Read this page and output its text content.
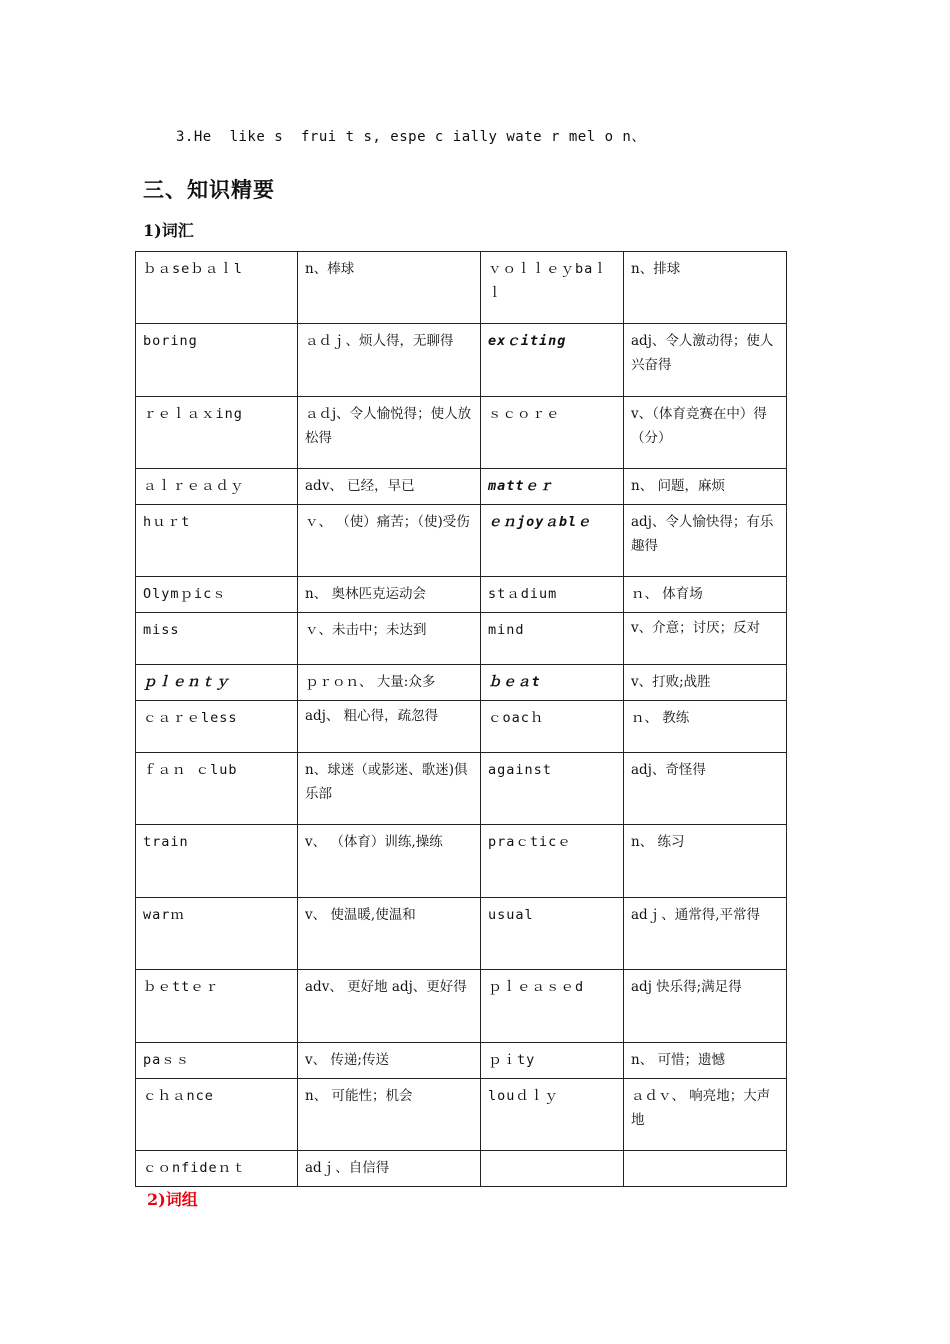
3.He  like s  frui t s, espe c ially wate r mel o n、
三、知识精要
1)词汇
ｂａseｂａｌl	n、棒球	ｖｏｌｌｅｙbaｌｌ	n、排球
boring	ａｄｊ、烦人得，无聊得	exｃiting	adj、令人激动得；使人兴奋得
ｒｅｌａｘing	ａｄj、令人愉悦得；使人放松得	ｓｃｏｒｅ	v、（体育竞赛在中）得（分）
ａｌｒｅａｄｙ	adv、 已经，早已	mattｅｒ	n、 问题，麻烦
hｕｒt	ｖ、 （使）痛苦；（使)受伤	ｅｎjoyａblｅ	adj、令人愉快得；有乐趣得
Olymｐicｓ	n、 奥林匹克运动会	stａdium	ｎ、 体育场
miss	ｖ、未击中；未达到	mind	v、介意；讨厌；反对
ｐｌｅｎｔｙ	ｐｒｏｎ、 大量:众多	ｂｅａt	v、打败;战胜
ｃａｒｅless	adj、 粗心得，疏忽得	ｃoacｈ	ｎ、 教练
ｆａｎ ｃlub	n、球迷（或影迷、歌迷)俱乐部	against	adj、奇怪得
train	v、 （体育）训练,操练	praｃticｅ	n、 练习
warｍ	v、 使温暖,使温和	usual	adｊ、通常得,平常得
ｂｅttｅｒ	adv、 更好地 adj、更好得	ｐｌｅａｓｅd	adj 快乐得;满足得
paｓｓ	v、 传递;传送	ｐｉty	n、 可惜；遗憾
ｃｈａnce	n、 可能性；机会	louｄｌｙ	ａｄｖ、 响亮地；大声地
ｃｏnfideｎｔ	adｊ、自信得		
2)词组
